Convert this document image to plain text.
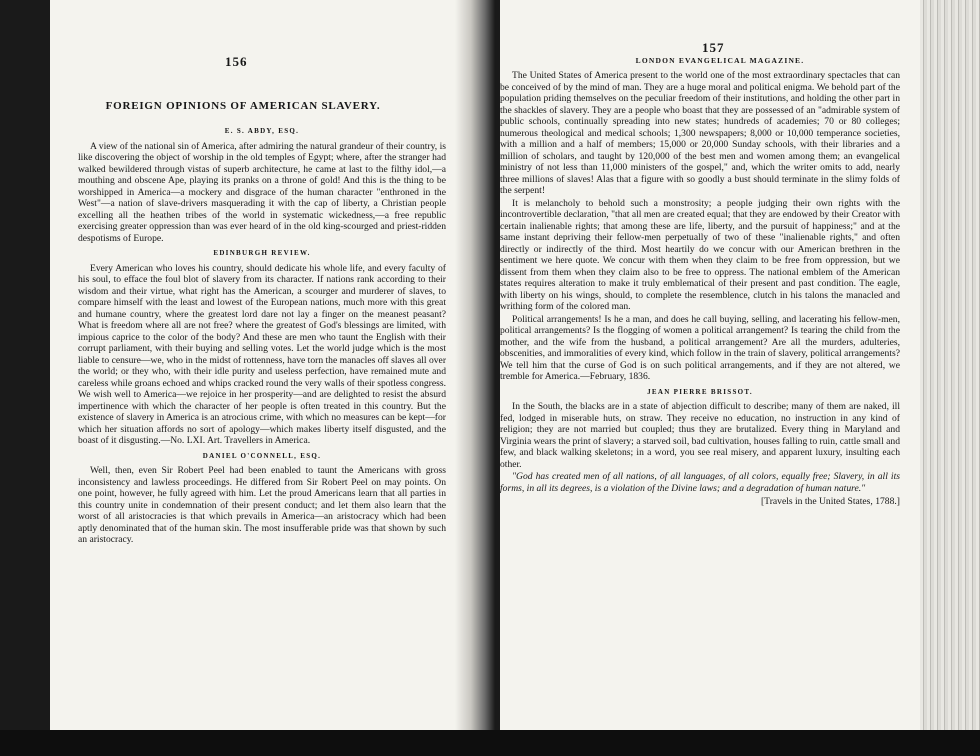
156
FOREIGN OPINIONS OF AMERICAN SLAVERY.
E. S. ABDY, ESQ.

A view of the national sin of America, after admiring the natural grandeur of their country, is like discovering the object of worship in the old temples of Egypt; where, after the stranger had walked bewildered through vistas of superb architecture, he came at last to the filthy idol,—a mouthing and obscene Ape, playing its pranks on a throne of gold! And this is the thing to be worshipped in America—a mockery and disgrace of the human character "enthroned in the West"—a nation of slave-drivers masquerading it with the cap of liberty, a Christian people excelling all the heathen tribes of the world in systematic wickedness,—a free republic exercising greater oppression than was ever heard of in the old king-scourged and priest-ridden despotisms of Europe.

EDINBURGH REVIEW.

Every American who loves his country, should dedicate his whole life, and every faculty of his soul, to efface the foul blot of slavery from its character. If nations rank according to their wisdom and their virtue, what right has the American, a scourger and murderer of slaves, to compare himself with the least and lowest of the European nations, much more with this great and humane country, where the greatest lord dare not lay a finger on the meanest peasant? What is freedom where all are not free? where the greatest of God's blessings are limited, with impious caprice to the color of the body? And these are men who taunt the English with their corrupt parliament, with their buying and selling votes. Let the world judge which is the most liable to censure—we, who in the midst of rottenness, have torn the manacles off slaves all over the world; or they who, with their idle purity and useless perfection, have remained mute and careless while groans echoed and whips cracked round the very walls of their spotless congress. We wish well to America—we rejoice in her prosperity—and are delighted to resist the absurd impertinence with which the character of her people is often treated in this country. But the existence of slavery in America is an atrocious crime, with which no measures can be kept—for which her situation affords no sort of apology—which makes liberty itself disgusted, and the boast of it disgusting.—No. LXI. Art. Travellers in America.

DANIEL O'CONNELL, ESQ.

Well, then, even Sir Robert Peel had been enabled to taunt the Americans with gross inconsistency and lawless proceedings. He differed from Sir Robert Peel on may points. On one point, however, he fully agreed with him. Let the proud Americans learn that all parties in this country unite in condemnation of their present conduct; and let them also learn that the worst of all aristocracies is that which prevails in America—an aristocracy which had been aptly denominated that of the human skin. The most insufferable pride was that shown by such an aristocracy.

157
LONDON EVANGELICAL MAGAZINE.

The United States of America present to the world one of the most extraordinary spectacles that can be conceived of by the mind of man. They are a huge moral and political enigma. We behold part of the population priding themselves on the peculiar freedom of their institutions, and holding the other part in the shackles of slavery. They are a people who boast that they are possessed of an "admirable system of public schools, continually spreading into new states; hundreds of academies; 70 or 80 colleges; numerous theological and medical schools; 1,300 newspapers; 8,000 or 10,000 temperance societies, with a million and a half of members; 15,000 or 20,000 Sunday schools, with their libraries and a million of scholars, and taught by 120,000 of the best men and women among them; an evangelical ministry of not less than 11,000 ministers of the gospel," and, which the writer omits to add, nearly three millions of slaves! Alas that a figure with so goodly a bust should terminate in the slimy folds of the serpent!

It is melancholy to behold such a monstrosity; a people judging their own rights with the incontrovertible declaration, "that all men are created equal; that they are endowed by their Creator with certain inalienable rights; that among these are life, liberty, and the pursuit of happiness;" and at the same instant depriving their fellow-men perpetually of two of these "inalienable rights," and often directly or indirectly of the third. Most heartily do we concur with our American brethren in the sentiment we here quote. We concur with them when they claim to be free from oppression, but we dissent from them when they claim also to be free to oppress. The national emblem of the American states requires alteration to make it truly emblematical of their present and past condition. The eagle, with liberty on his wings, should, to complete the resemblence, clutch in his talons the manacled and writhing form of the colored man.

Political arrangements! Is he a man, and does he call buying, selling, and lacerating his fellow-men, political arrangements? Is the flogging of women a political arrangement? Is tearing the child from the mother, and the wife from the husband, a political arrangement? Are all the murders, adulteries, obscenities, and immoralities of every kind, which follow in the train of slavery, political arrangements? We tell him that the curse of God is on such political arrangements, and if they are not altered, we tremble for America.—February, 1836.

JEAN PIERRE BRISSOT.

In the South, the blacks are in a state of abjection difficult to describe; many of them are naked, ill fed, lodged in miserable huts, on straw. They receive no education, no instruction in any kind of religion; they are not married but coupled; thus they are brutalized. Every thing in Maryland and Virginia wears the print of slavery; a starved soil, bad cultivation, houses falling to ruin, cattle small and few, and black walking skeletons; in a word, you see real misery, and apparent luxury, insulting each other.

"God has created men of all nations, of all languages, of all colors, equally free; Slavery, in all its forms, in all its degrees, is a violation of the Divine laws; and a degradation of human nature."

[Travels in the United States, 1788.]
